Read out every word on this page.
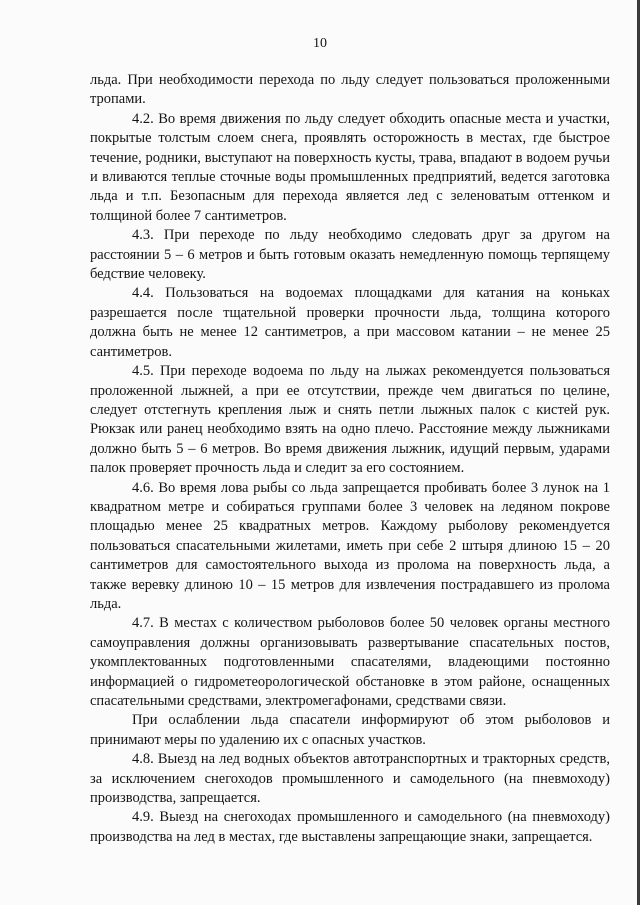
10

льда. При необходимости перехода по льду следует пользоваться проложенными тропами.

4.2. Во время движения по льду следует обходить опасные места и участки, покрытые толстым слоем снега, проявлять осторожность в местах, где быстрое течение, родники, выступают на поверхность кусты, трава, впадают в водоем ручьи и вливаются теплые сточные воды промышленных предприятий, ведется заготовка льда и т.п. Безопасным для перехода является лед с зеленоватым оттенком и толщиной более 7 сантиметров.

4.3. При переходе по льду необходимо следовать друг за другом на расстоянии 5 – 6 метров и быть готовым оказать немедленную помощь терпящему бедствие человеку.

4.4. Пользоваться на водоемах площадками для катания на коньках разрешается после тщательной проверки прочности льда, толщина которого должна быть не менее 12 сантиметров, а при массовом катании – не менее 25 сантиметров.

4.5. При переходе водоема по льду на лыжах рекомендуется пользоваться проложенной лыжней, а при ее отсутствии, прежде чем двигаться по целине, следует отстегнуть крепления лыж и снять петли лыжных палок с кистей рук. Рюкзак или ранец необходимо взять на одно плечо. Расстояние между лыжниками должно быть 5 – 6 метров. Во время движения лыжник, идущий первым, ударами палок проверяет прочность льда и следит за его состоянием.

4.6. Во время лова рыбы со льда запрещается пробивать более 3 лунок на 1 квадратном метре и собираться группами более 3 человек на ледяном покрове площадью менее 25 квадратных метров. Каждому рыболову рекомендуется пользоваться спасательными жилетами, иметь при себе 2 штыря длиною 15 – 20 сантиметров для самостоятельного выхода из пролома на поверхность льда, а также веревку длиною 10 – 15 метров для извлечения пострадавшего из пролома льда.

4.7. В местах с количеством рыболовов более 50 человек органы местного самоуправления должны организовывать развертывание спасательных постов, укомплектованных подготовленными спасателями, владеющими постоянно информацией о гидрометеорологической обстановке в этом районе, оснащенных спасательными средствами, электромегафонами, средствами связи.

При ослаблении льда спасатели информируют об этом рыболовов и принимают меры по удалению их с опасных участков.

4.8. Выезд на лед водных объектов автотранспортных и тракторных средств, за исключением снегоходов промышленного и самодельного (на пневмоходу) производства, запрещается.

4.9. Выезд на снегоходах промышленного и самодельного (на пневмоходу) производства на лед в местах, где выставлены запрещающие знаки, запрещается.
